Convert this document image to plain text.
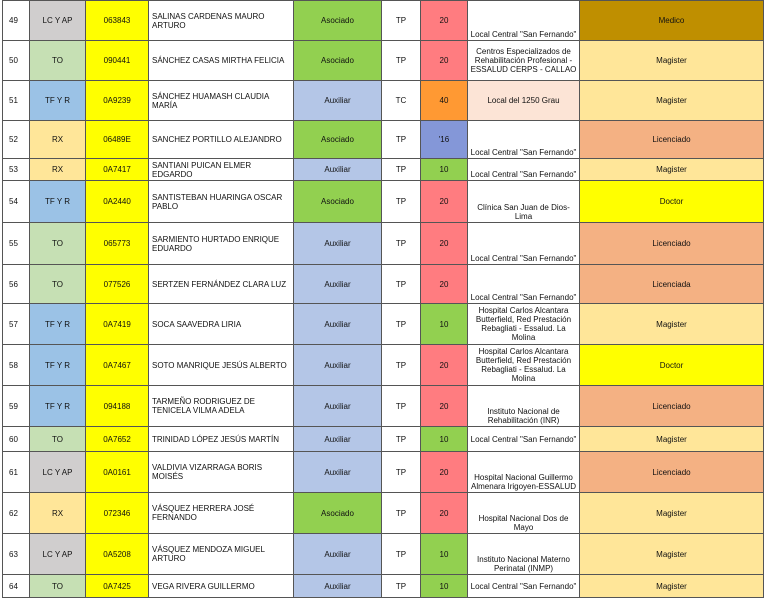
49	LC Y AP	063843	SALINAS CARDENAS MAURO ARTURO	Asociado	TP	20	Local Central "San Fernando"	Medico
50	TO	090441	SÁNCHEZ CASAS MIRTHA FELICIA	Asociado	TP	20	Centros Especializados de Rehabilitación Profesional - ESSALUD CERPS - CALLAO	Magister
51	TF Y R	0A9239	SÁNCHEZ HUAMASH CLAUDIA MARÍA	Auxiliar	TC	40	Local del 1250 Grau	Magister
52	RX	06489E	SANCHEZ PORTILLO ALEJANDRO	Asociado	TP	'16	Local Central "San Fernando"	Licenciado
53	RX	0A7417	SANTIANI PUICAN ELMER EDGARDO	Auxiliar	TP	10	Local Central "San Fernando"	Magister
54	TF Y R	0A2440	SANTISTEBAN HUARINGA OSCAR PABLO	Asociado	TP	20	Clínica San Juan de Dios-Lima	Doctor
55	TO	065773	SARMIENTO HURTADO ENRIQUE EDUARDO	Auxiliar	TP	20	Local Central "San Fernando"	Licenciado
56	TO	077526	SERTZEN FERNÁNDEZ CLARA LUZ	Auxiliar	TP	20	Local Central "San Fernando"	Licenciada
57	TF Y R	0A7419	SOCA SAAVEDRA LIRIA	Auxiliar	TP	10	Hospital Carlos Alcantara Butterfield, Red Prestación Rebagliati - Essalud. La Molina	Magister
58	TF Y R	0A7467	SOTO MANRIQUE JESÚS ALBERTO	Auxiliar	TP	20	Hospital Carlos Alcantara Butterfield, Red Prestación Rebagliati - Essalud. La Molina	Doctor
59	TF Y R	094188	TARMEÑO RODRIGUEZ DE TENICELA VILMA ADELA	Auxiliar	TP	20	Instituto Nacional de Rehabilitación (INR)	Licenciado
60	TO	0A7652	TRINIDAD LÓPEZ JESÚS MARTÍN	Auxiliar	TP	10	Local Central "San Fernando"	Magister
61	LC Y AP	0A0161	VALDIVIA VIZARRAGA BORIS MOISÉS	Auxiliar	TP	20	Hospital Nacional Guillermo Almenara Irigoyen-ESSALUD	Licenciado
62	RX	072346	VÁSQUEZ HERRERA JOSÉ FERNANDO	Asociado	TP	20	Hospital Nacional Dos de Mayo	Magister
63	LC Y AP	0A5208	VÁSQUEZ MENDOZA MIGUEL ARTURO	Auxiliar	TP	10	Instituto Nacional Materno Perinatal (INMP)	Magister
64	TO	0A7425	VEGA RIVERA GUILLERMO	Auxiliar	TP	10	Local Central "San Fernando"	Magister
